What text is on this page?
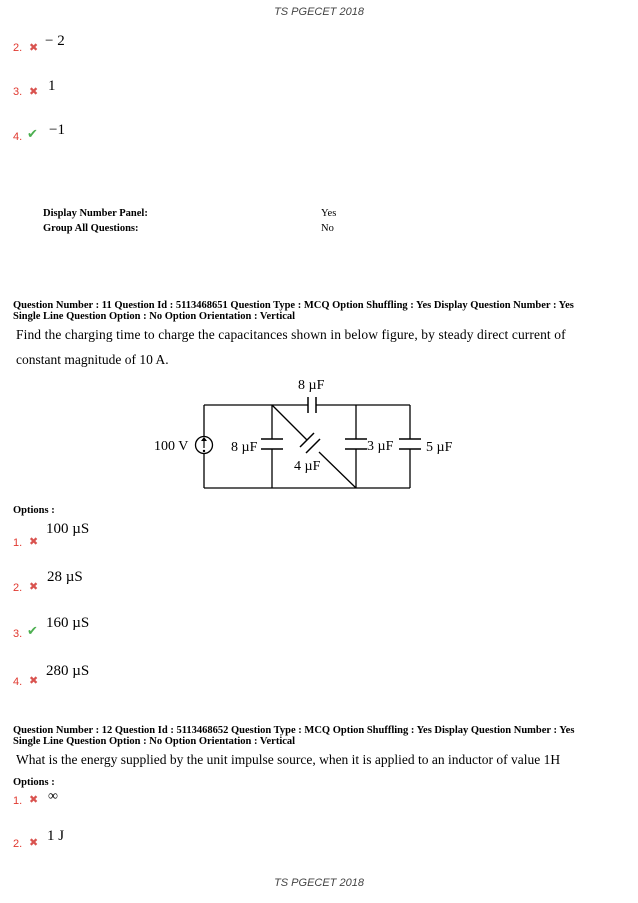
TS PGECET 2018
2. ✖ − 2
3. ✖ 1
4. ✔ −1
Display Number Panel:	Yes
Group All Questions:	No
Question Number : 11 Question Id : 5113468651 Question Type : MCQ Option Shuffling : Yes Display Question Number : Yes
Single Line Question Option : No Option Orientation : Vertical
Find the charging time to charge the capacitances shown in below figure, by steady direct current of
constant magnitude of 10 A.
100 V	8 µF
8 µF
4 µF
3 µF 5 µF
Options :
1. ✖
100 µS
2. ✖
28 µS
3. ✔
160 µS
4. ✖
280 µS
Question Number : 12 Question Id : 5113468652 Question Type : MCQ Option Shuffling : Yes Display Question Number : Yes
Single Line Question Option : No Option Orientation : Vertical
What is the energy supplied by the unit impulse source, when it is applied to an inductor of value 1H
Options :
1. ✖ ∞
2. ✖ 1 J
TS PGECET 2018
